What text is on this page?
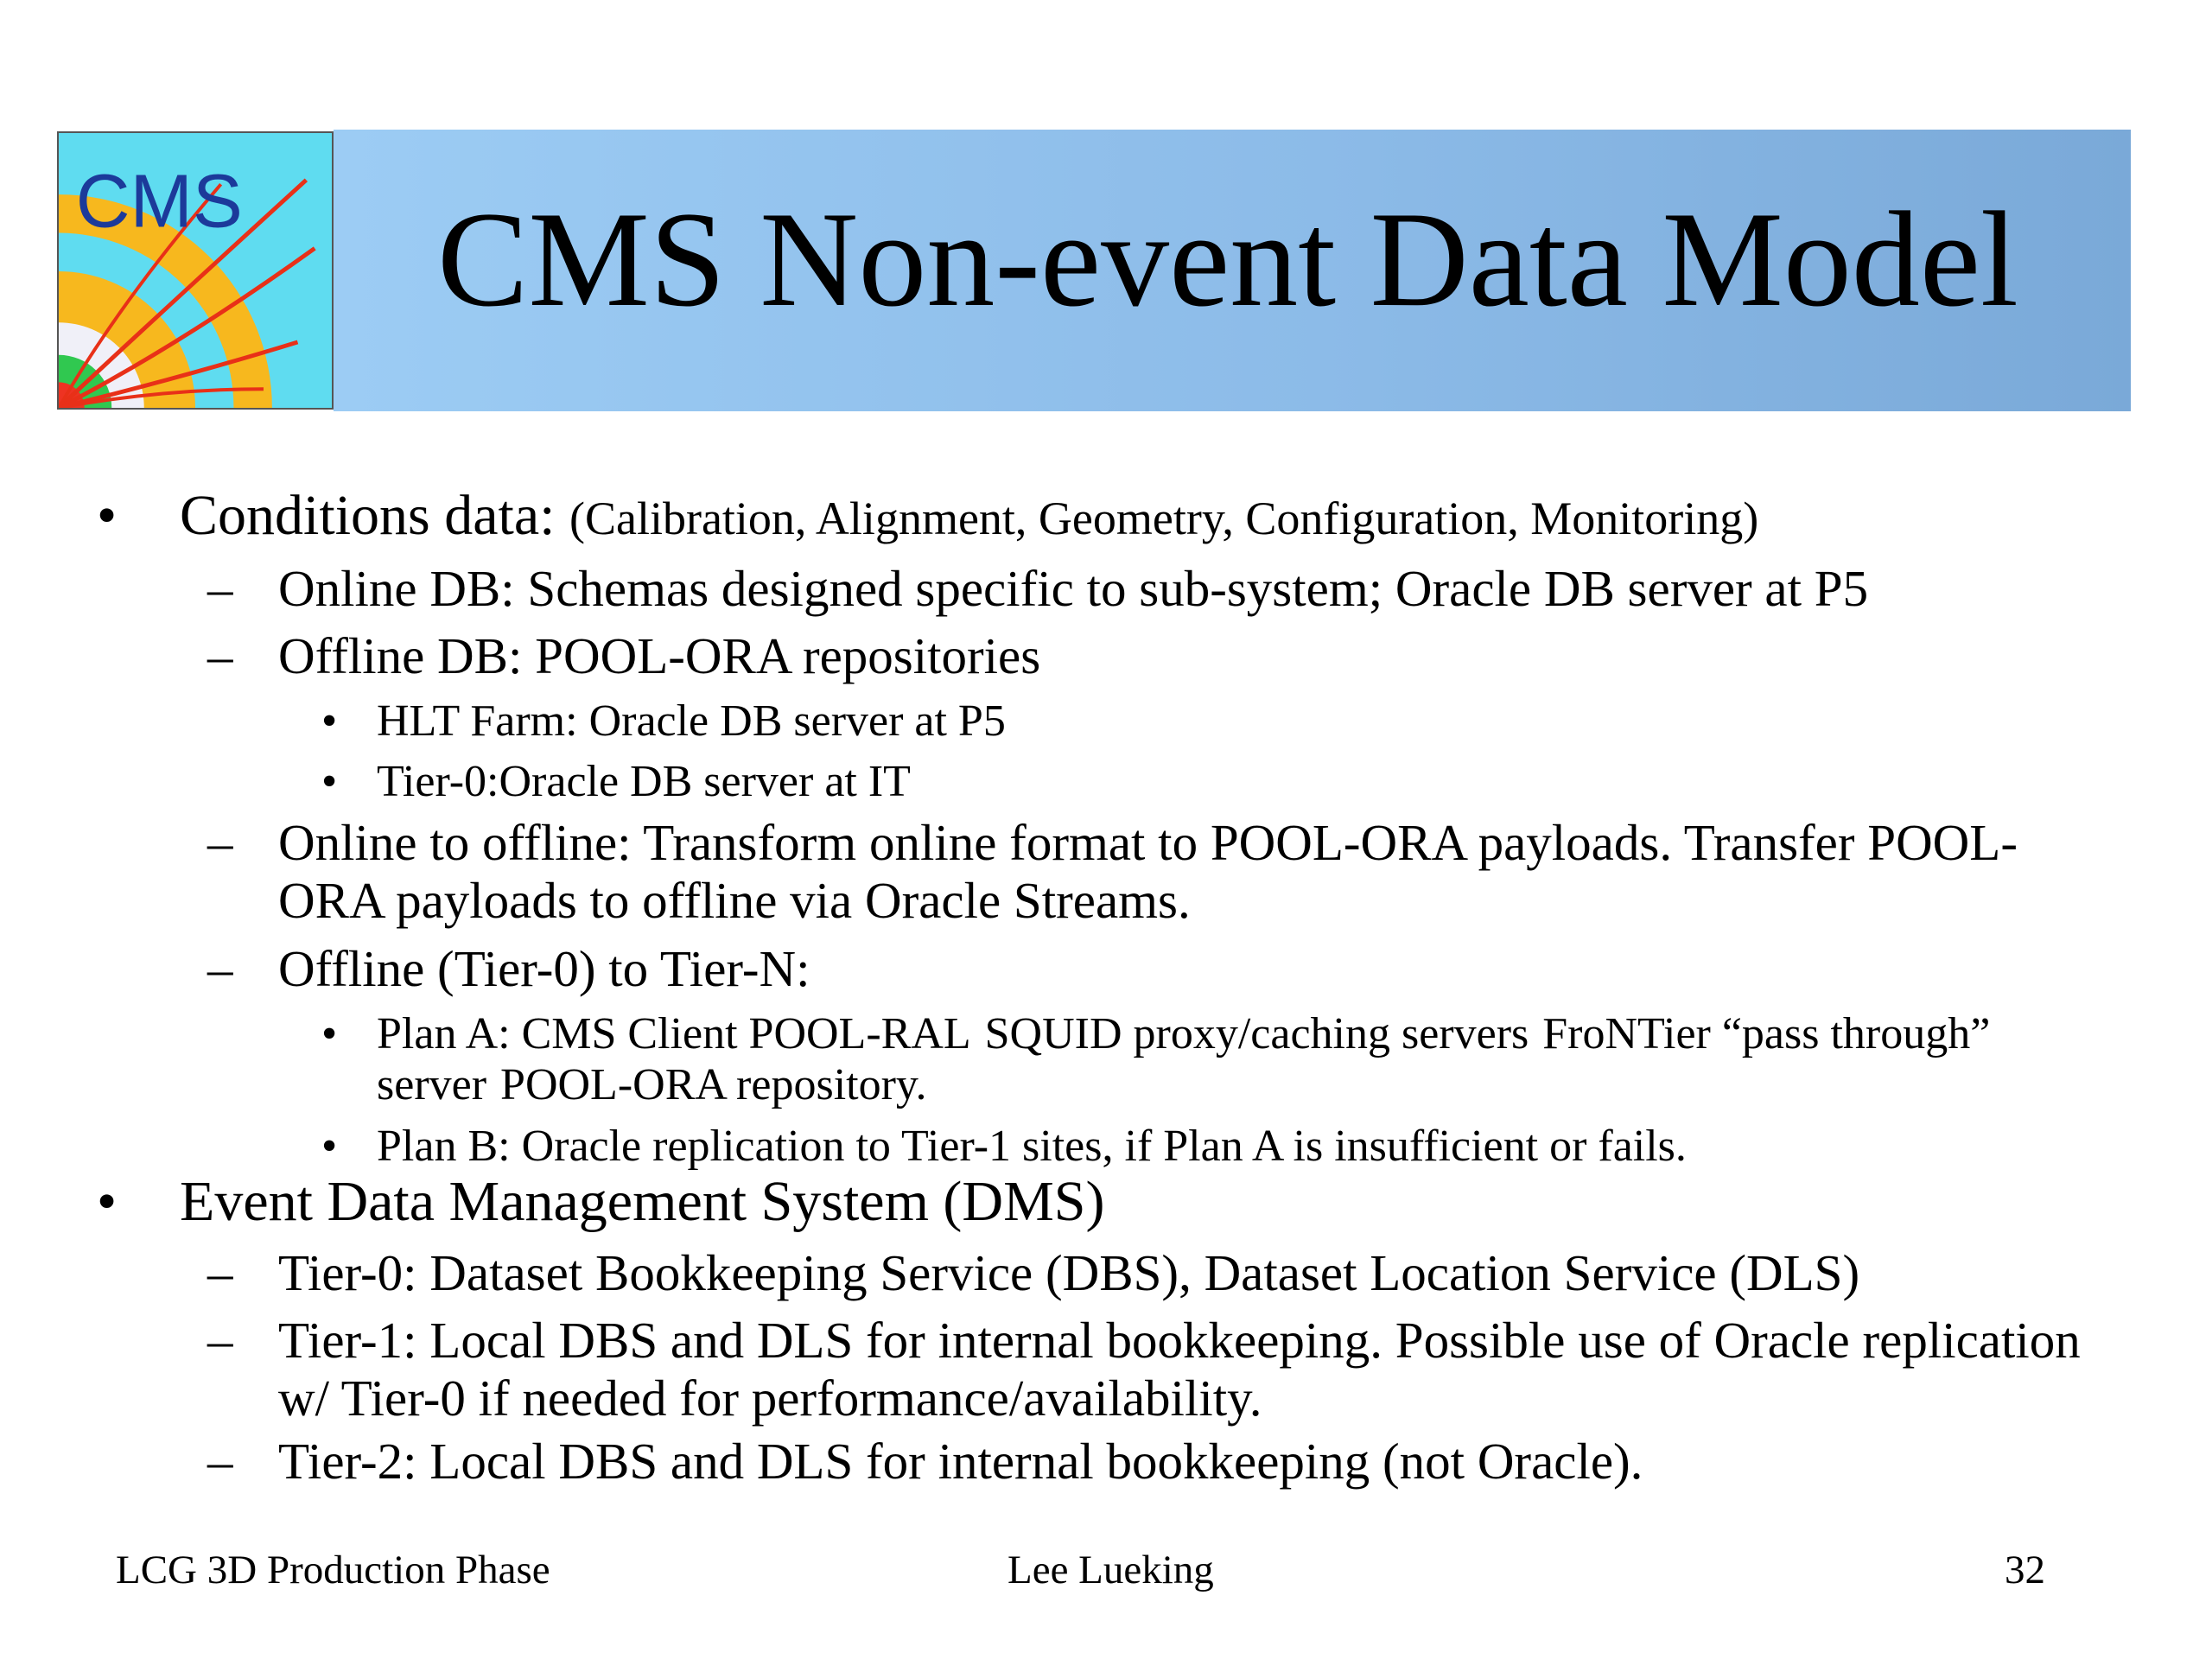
CMS CMS Non-event Data Model
• Conditions data: (Calibration, Alignment, Geometry, Configuration, Monitoring)
– Online DB: Schemas designed specific to sub-system; Oracle DB server at P5
– Offline DB: POOL-ORA repositories
• HLT Farm: Oracle DB server at P5
• Tier-0:Oracle DB server at IT
– Online to offline: Transform online format to POOL-ORA payloads. Transfer POOL-ORA payloads to offline via Oracle Streams.
– Offline (Tier-0) to Tier-N:
• Plan A: CMS Client POOL-RAL SQUID proxy/caching servers FroNTier “pass through” server POOL-ORA repository.
• Plan B: Oracle replication to Tier-1 sites, if Plan A is insufficient or fails.
• Event Data Management System (DMS)
– Tier-0: Dataset Bookkeeping Service (DBS), Dataset Location Service (DLS)
– Tier-1: Local DBS and DLS for internal bookkeeping. Possible use of Oracle replication w/ Tier-0 if needed for performance/availability.
– Tier-2: Local DBS and DLS for internal bookkeeping (not Oracle).
LCG 3D Production Phase	Lee Lueking	32
